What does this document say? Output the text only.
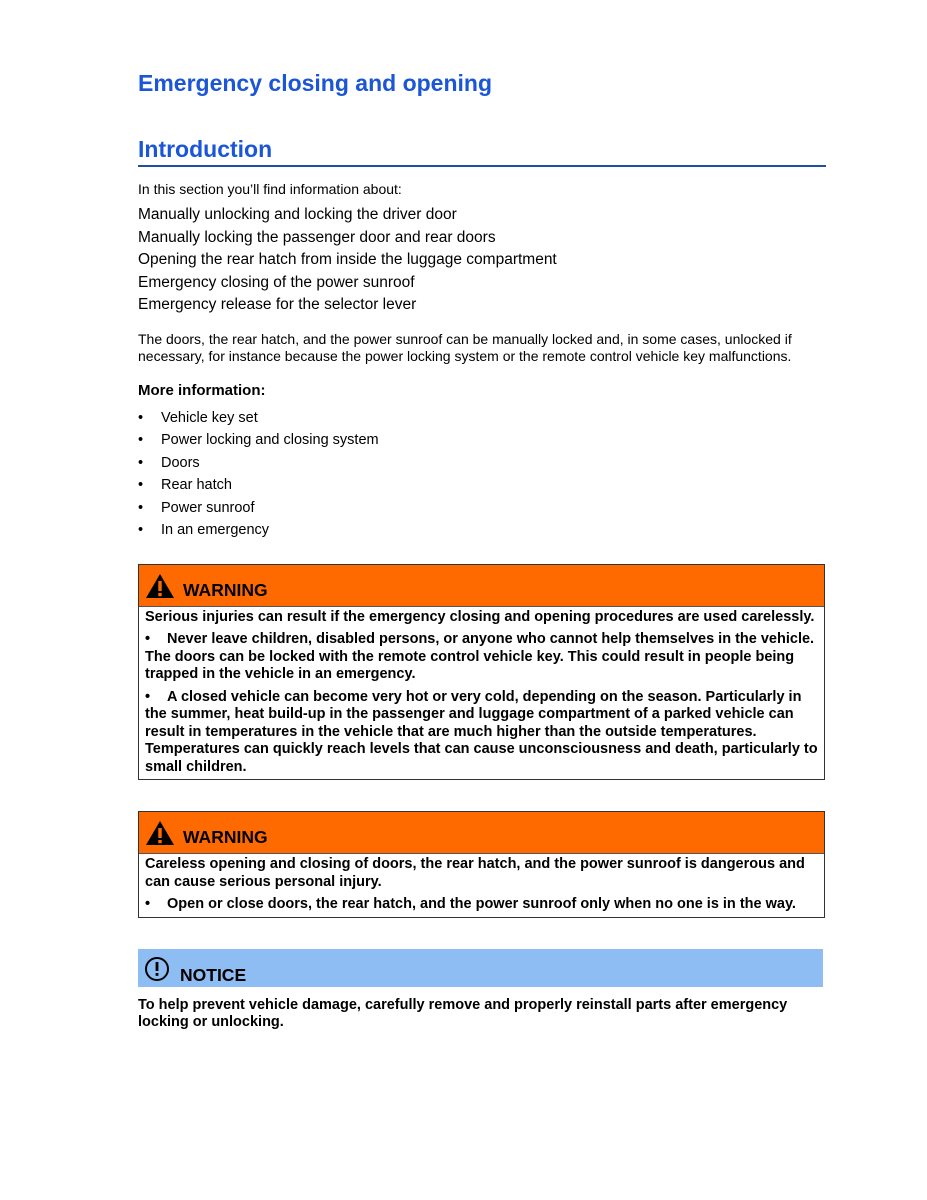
Emergency closing and opening
Introduction

In this section you’ll find information about:

Manually unlocking and locking the driver door

Manually locking the passenger door and rear doors

Opening the rear hatch from inside the luggage compartment

Emergency closing of the power sunroof

Emergency release for the selector lever

The doors, the rear hatch, and the power sunroof can be manually locked and, in some cases, unlocked if necessary, for instance because the power locking system or the remote control vehicle key malfunctions.

More information:

• Vehicle key set
• Power locking and closing system
• Doors
• Rear hatch
• Power sunroof
• In an emergency
WARNING

Serious injuries can result if the emergency closing and opening procedures are used carelessly.

• Never leave children, disabled persons, or anyone who cannot help themselves in the vehicle. The doors can be locked with the remote control vehicle key. This could result in people being trapped in the vehicle in an emergency.

• A closed vehicle can become very hot or very cold, depending on the season. Particularly in the summer, heat build-up in the passenger and luggage compartment of a parked vehicle can result in temperatures in the vehicle that are much higher than the outside temperatures. Temperatures can quickly reach levels that can cause unconsciousness and death, particularly to small children.

WARNING

Careless opening and closing of doors, the rear hatch, and the power sunroof is dangerous and can cause serious personal injury.

• Open or close doors, the rear hatch, and the power sunroof only when no one is in the way.

NOTICE

To help prevent vehicle damage, carefully remove and properly reinstall parts after emergency locking or unlocking.
